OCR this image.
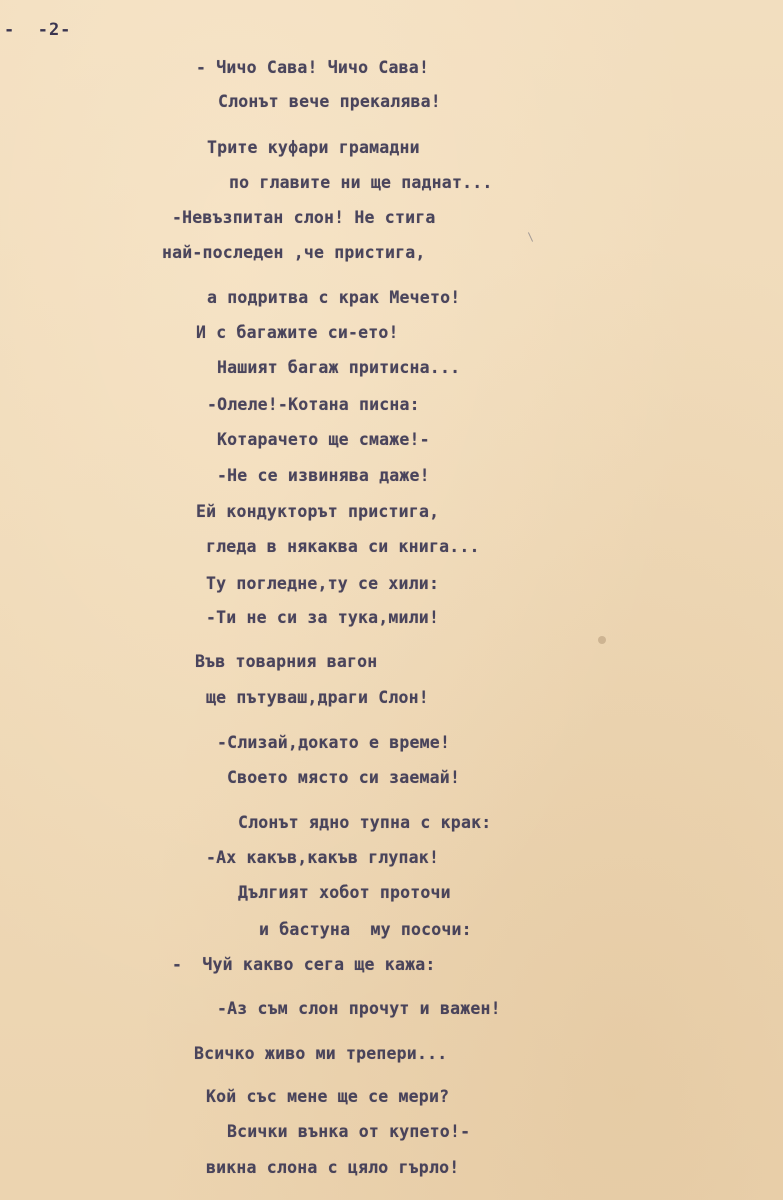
-  -2-
- Чичо Сава! Чичо Сава!
Слонът вече прекалява!
Трите куфари грамадни
по главите ни ще паднат...
-Невъзпитан слон! Не стига
най-последен ,че пристига,
а подритва с крак Мечето!
И с багажите си-ето!
Нашият багаж притисна...
-Олеле!-Котана писна:
Котарачето ще смаже!-
-Не се извинява даже!
Ей кондукторът пристига,
гледа в някаква си книга...
Ту погледне,ту се хили:
-Ти не си за тука,мили!
Във товарния вагон
ще пътуваш,драги Слон!
-Слизай,докато е време!
Своето място си заемай!
Слонът ядно тупна с крак:
-Ах какъв,какъв глупак!
Дългият хобот проточи
и бастуна  му посочи:
-  Чуй какво сега ще кажа:
-Аз съм слон прочут и важен!
Всичко живо ми трепери...
Кой със мене ще се мери?
Всички вънка от купето!-
викна слона с цяло гърло!
